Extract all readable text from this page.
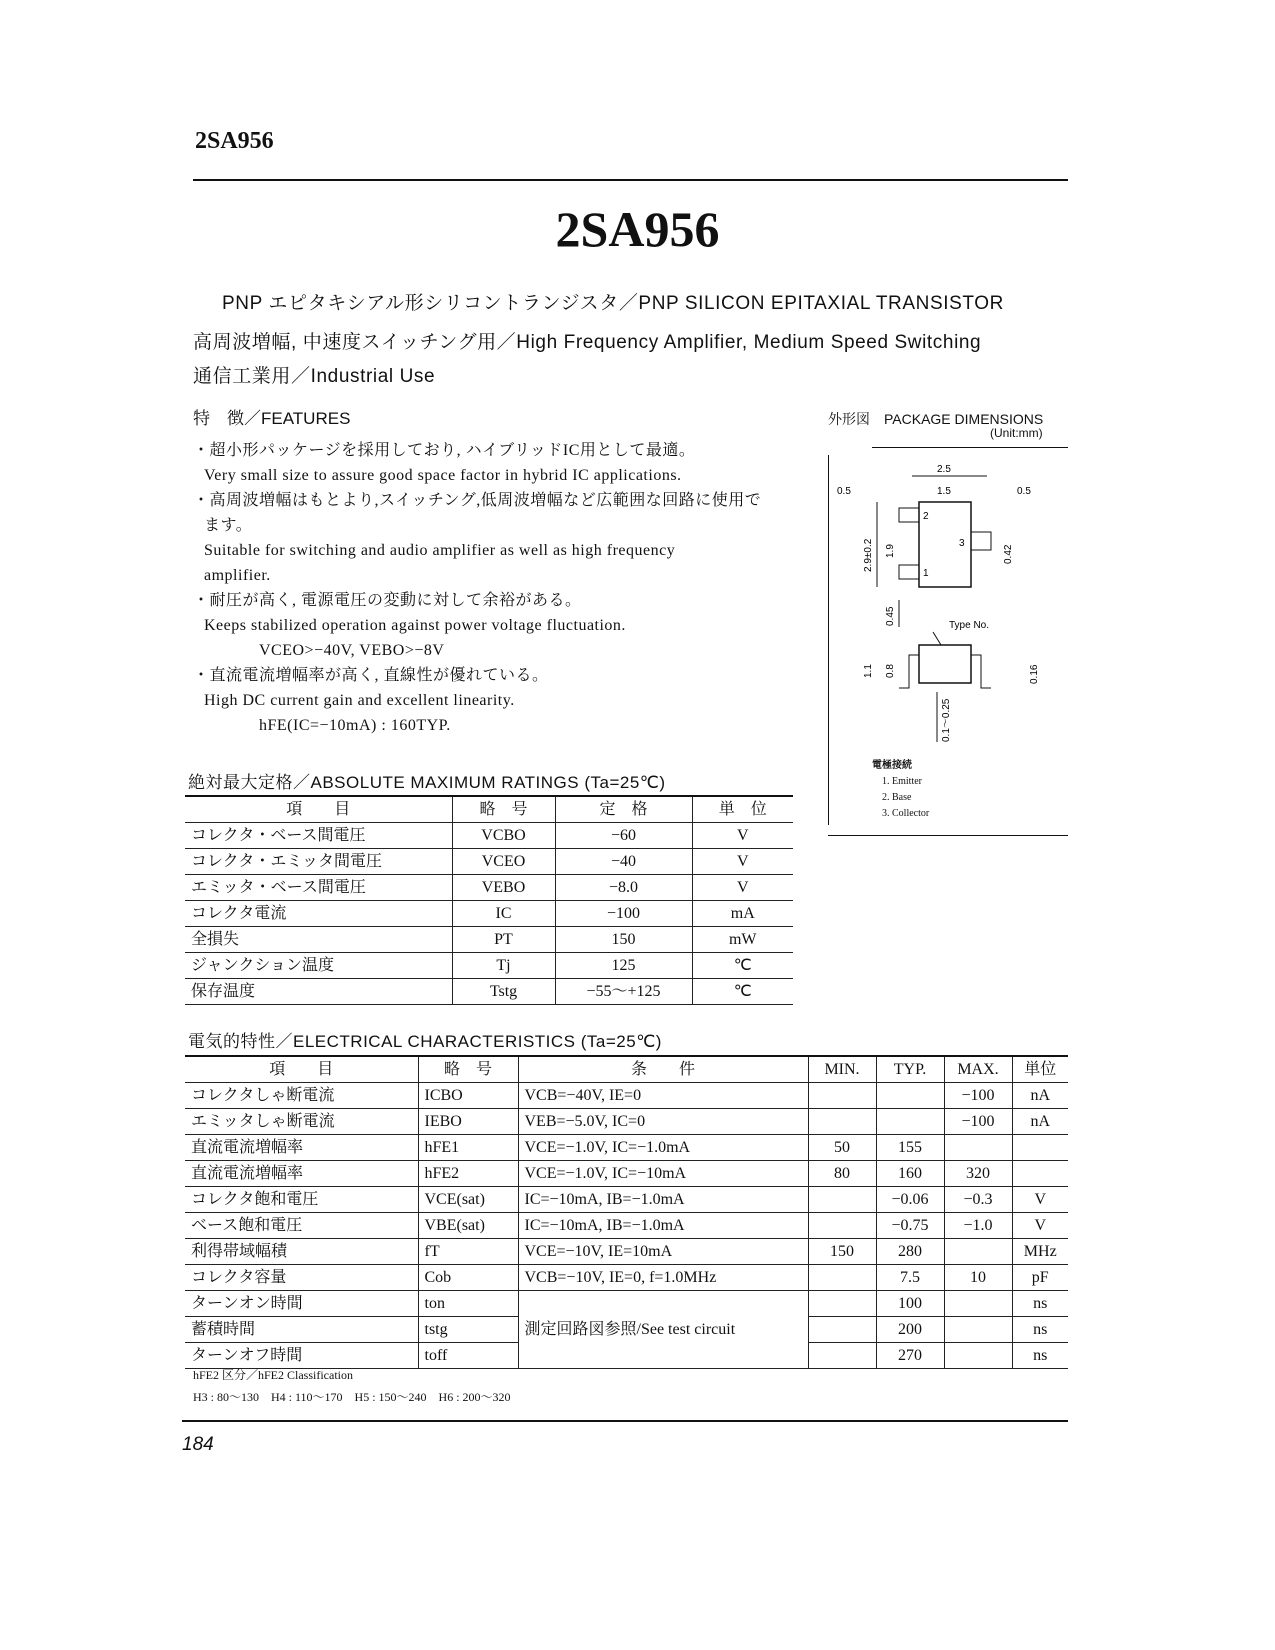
2SA956
2SA956
PNP エピタキシアル形シリコントランジスタ／PNP SILICON EPITAXIAL TRANSISTOR
高周波増幅, 中速度スイッチング用／High Frequency Amplifier, Medium Speed Switching
通信工業用／Industrial Use
特　徴／FEATURES
・超小形パッケージを採用しており, ハイブリッドIC用として最適。
Very small size to assure good space factor in hybrid IC applications.
・高周波増幅はもとより,スイッチング,低周波増幅など広範囲な回路に使用で
ます。
Suitable for switching and audio amplifier as well as high frequency
amplifier.
・耐圧が高く, 電源電圧の変動に対して余裕がある。
Keeps stabilized operation against power voltage fluctuation.
VCEO>−40V, VEBO>−8V
・直流電流増幅率が高く, 直線性が優れている。
High DC current gain and excellent linearity.
hFE(IC=−10mA) : 160TYP.
外形図　PACKAGE DIMENSIONS
(Unit:mm)
2.5
0.5	1.5	0.5
2.9±0.2 1.9
0.45
0.42
1.1 0.8	0.16
0.1～0.25
Type No.
2
1
3
電極接続
1. Emitter
2. Base
3. Collector
絶対最大定格／ABSOLUTE MAXIMUM RATINGS (Ta=25℃)
項　　目	略　号	定　格	単　位
コレクタ・ベース間電圧	VCBO	−60	V
コレクタ・エミッタ間電圧	VCEO	−40	V
エミッタ・ベース間電圧	VEBO	−8.0	V
コレクタ電流	IC	−100	mA
全損失	PT	150	mW
ジャンクション温度	Tj	125	℃
保存温度	Tstg	−55～+125	℃
電気的特性／ELECTRICAL CHARACTERISTICS (Ta=25℃)
項　　目	略　号	条　　件	MIN.	TYP.	MAX.	単位
コレクタしゃ断電流	ICBO	VCB=−40V, IE=0			−100	nA
エミッタしゃ断電流	IEBO	VEB=−5.0V, IC=0			−100	nA
直流電流増幅率	hFE1	VCE=−1.0V, IC=−1.0mA	50	155		
直流電流増幅率	hFE2	VCE=−1.0V, IC=−10mA	80	160	320	
コレクタ飽和電圧	VCE(sat)	IC=−10mA, IB=−1.0mA		−0.06	−0.3	V
ベース飽和電圧	VBE(sat)	IC=−10mA, IB=−1.0mA		−0.75	−1.0	V
利得帯域幅積	fT	VCE=−10V, IE=10mA	150	280		MHz
コレクタ容量	Cob	VCB=−10V, IE=0, f=1.0MHz		7.5	10	pF
ターンオン時間	ton	測定回路図参照/See test circuit		100		ns
蓄積時間	tstg			200		ns
ターンオフ時間	toff			270		ns
hFE2 区分／hFE2 Classification
H3 : 80～130　H4 : 110～170　H5 : 150～240　H6 : 200～320
184
